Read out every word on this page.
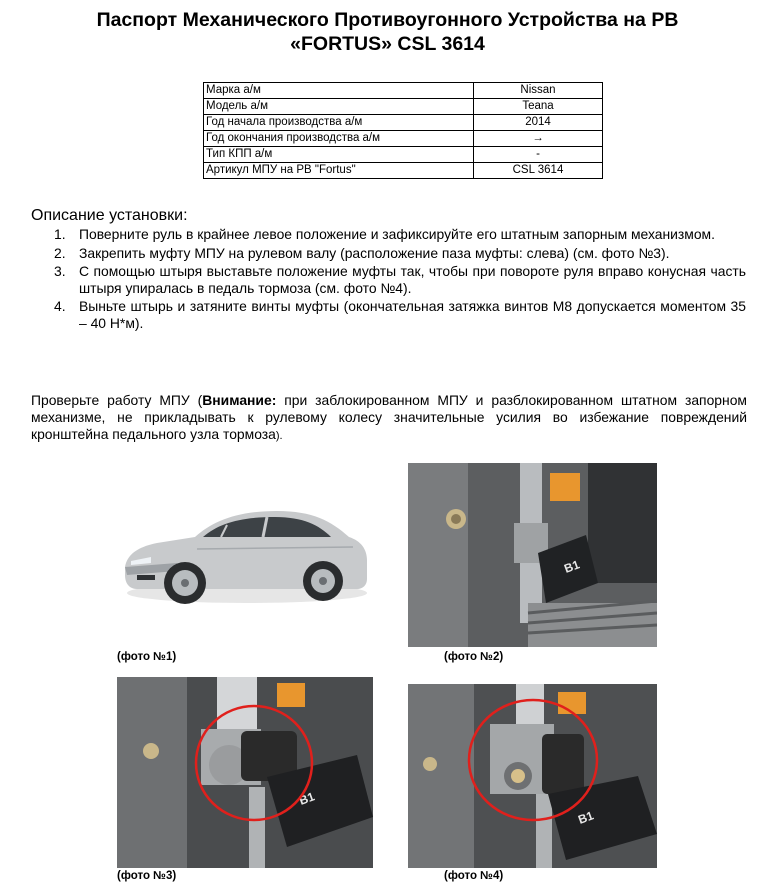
Паспорт Механического Противоугонного Устройства на РВ
«FORTUS» CSL 3614
Марка а/м	Nissan
Модель а/м	Teana
Год начала производства а/м	2014
Год окончания производства а/м	→
Тип КПП а/м	-
Артикул МПУ на РВ "Fortus"	CSL 3614
Описание установки:
1. Поверните руль в крайнее левое положение и зафиксируйте его штатным запорным механизмом.
2. Закрепить муфту МПУ на рулевом валу (расположение паза муфты: слева) (см. фото №3).
3. С помощью штыря выставьте положение муфты так, чтобы при повороте руля вправо конусная часть штыря упиралась в педаль тормоза (см. фото №4).
4. Выньте штырь и затяните винты муфты (окончательная затяжка винтов М8 допускается моментом 35 – 40 Н*м).

Проверьте работу МПУ (Внимание: при заблокированном МПУ и разблокированном штатном запорном механизме, не прикладывать к рулевому колесу значительные усилия во избежание повреждений кронштейна педального узла тормоза).

(фото №1)
B1
(фото №2)
B1
(фото №3)
B1
(фото №4)
